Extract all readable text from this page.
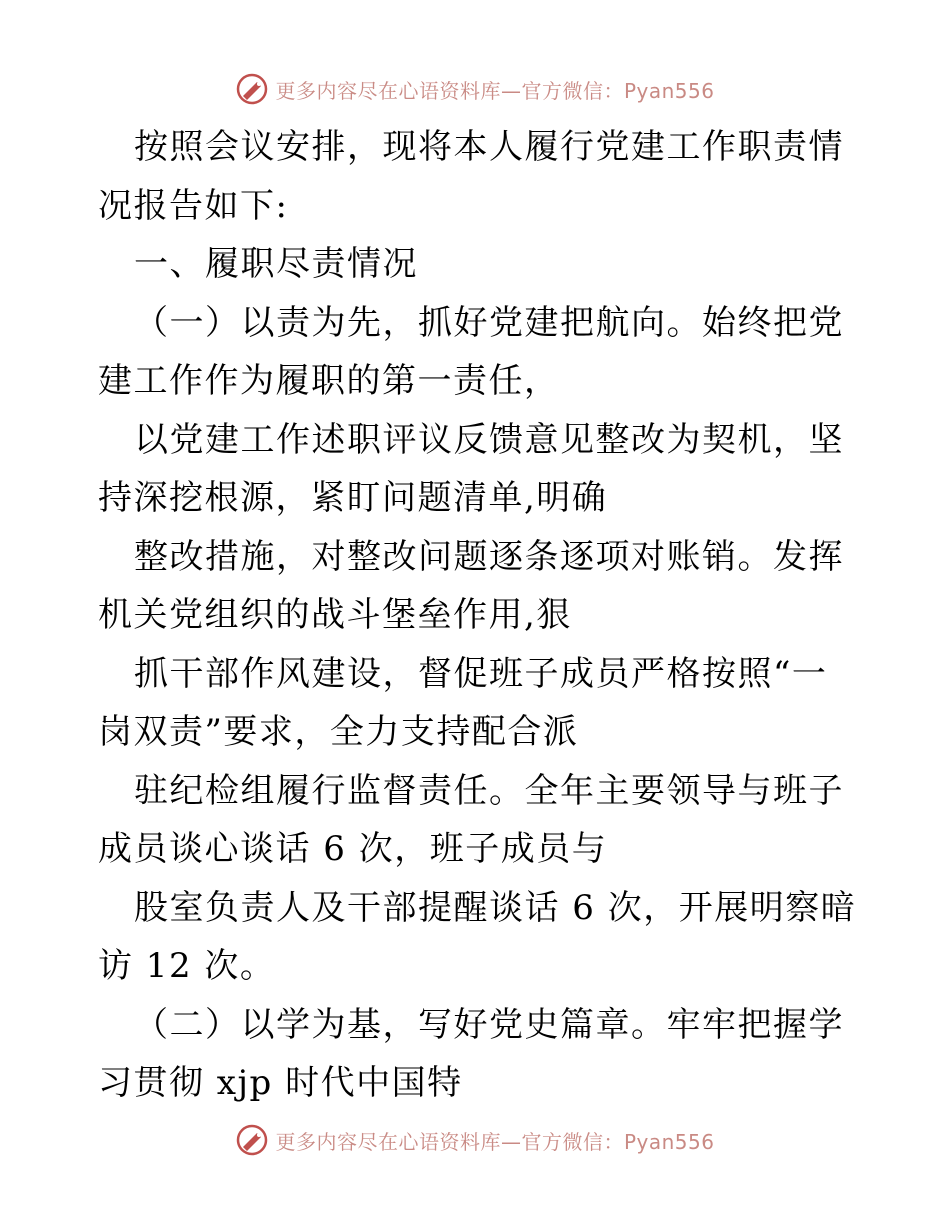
更多内容尽在心语资料库—官方微信：Pyan556

按照会议安排，现将本人履行党建工作职责情况报告如下:

一、履职尽责情况

（一）以责为先，抓好党建把航向。始终把党建工作作为履职的第一责任，

以党建工作述职评议反馈意见整改为契机，坚持深挖根源，紧盯问题清单,明确

整改措施，对整改问题逐条逐项对账销。发挥机关党组织的战斗堡垒作用,狠

抓干部作风建设，督促班子成员严格按照“一岗双责”要求，全力支持配合派

驻纪检组履行监督责任。全年主要领导与班子成员谈心谈话 6 次，班子成员与

股室负责人及干部提醒谈话 6 次，开展明察暗访 12 次。

（二）以学为基，写好党史篇章。牢牢把握学习贯彻 xjp 时代中国特

更多内容尽在心语资料库—官方微信：Pyan556
